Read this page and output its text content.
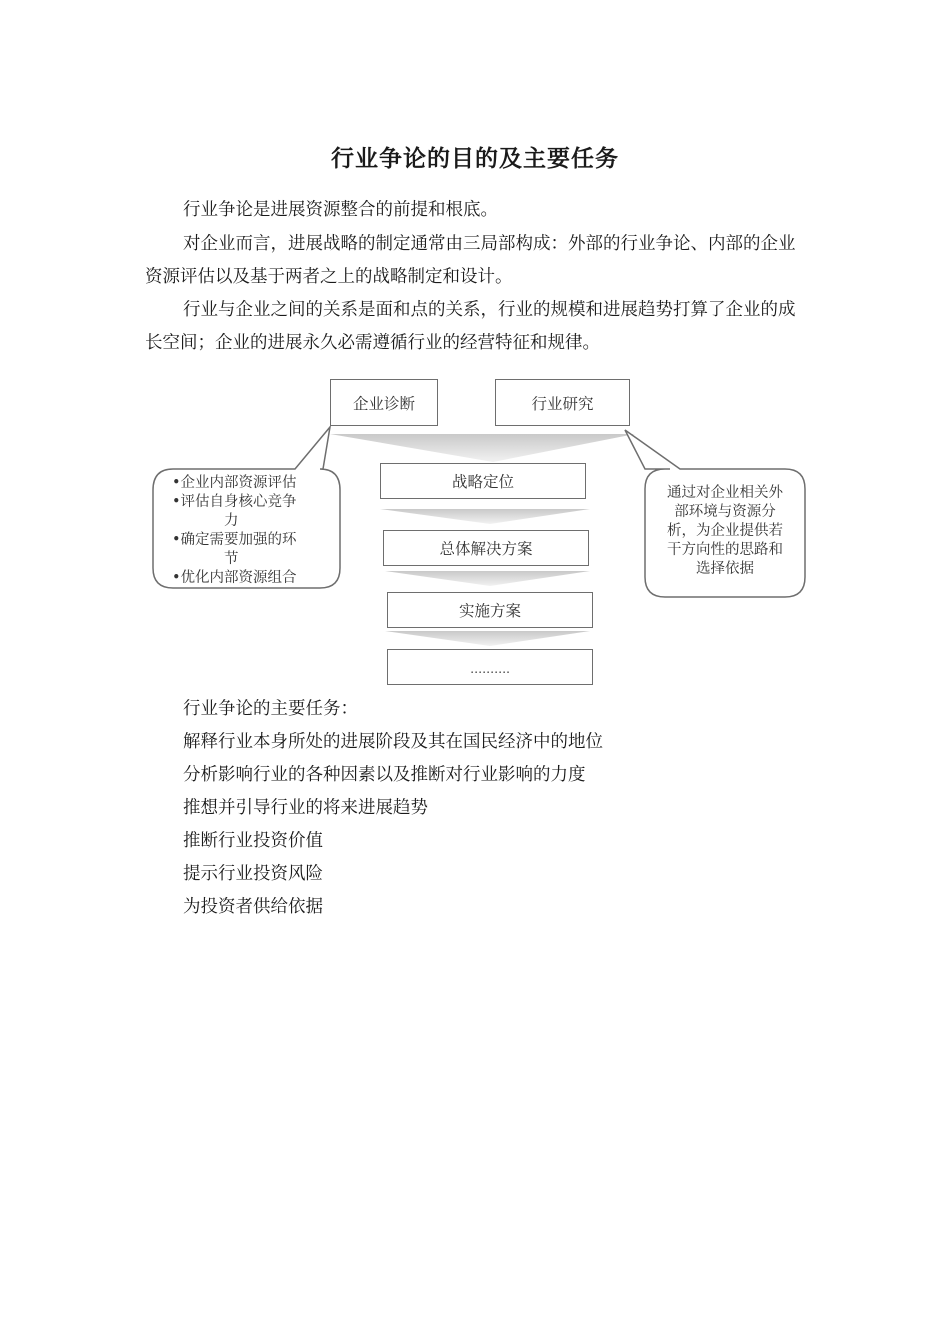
行业争论的目的及主要任务

行业争论是进展资源整合的前提和根底。

对企业而言，进展战略的制定通常由三局部构成：外部的行业争论、内部的企业资源评估以及基于两者之上的战略制定和设计。

行业与企业之间的关系是面和点的关系，行业的规模和进展趋势打算了企业的成长空间；企业的进展永久必需遵循行业的经营特征和规律。

企业诊断	行业研究
战略定位
总体解决方案
实施方案
……….
•企业内部资源评估
•评估自身核心竞争
力
•确定需要加强的环
节
•优化内部资源组合
通过对企业相关外
部环境与资源分
析，为企业提供若
干方向性的思路和
选择依据
行业争论的主要任务：
解释行业本身所处的进展阶段及其在国民经济中的地位
分析影响行业的各种因素以及推断对行业影响的力度
推想并引导行业的将来进展趋势
推断行业投资价值
提示行业投资风险
为投资者供给依据
